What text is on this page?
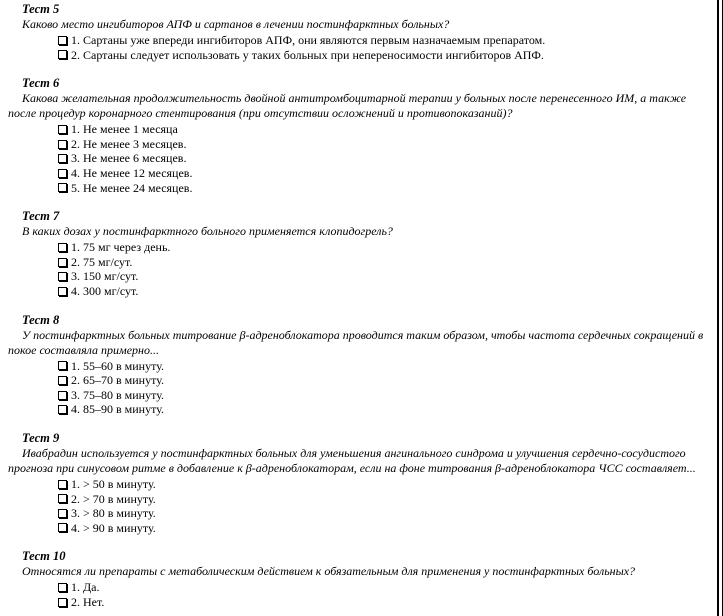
Тест 5
Каково место ингибиторов АПФ и сартанов в лечении постинфарктных больных?
1. Сартаны уже впереди ингибиторов АПФ, они являются первым назначаемым препаратом.
2. Сартаны следует использовать у таких больных при непереносимости ингибиторов АПФ.
Тест 6
Какова желательная продолжительность двойной антитромбоцитарной терапии у больных после перенесенного ИМ, а также после процедур коронарного стентирования (при отсутствии осложнений и противопоказаний)?
1. Не менее 1 месяца
2. Не менее 3 месяцев.
3. Не менее 6 месяцев.
4. Не менее 12 месяцев.
5. Не менее 24 месяцев.
Тест 7
В каких дозах у постинфарктного больного применяется клопидогрель?
1. 75 мг через день.
2. 75 мг/сут.
3. 150 мг/сут.
4. 300 мг/сут.
Тест 8
У постинфарктных больных титрование β-адреноблокатора проводится таким образом, чтобы частота сердечных сокращений в покое составляла примерно...
1. 55–60 в минуту.
2. 65–70 в минуту.
3. 75–80 в минуту.
4. 85–90 в минуту.
Тест 9
Ивабрадин используется у постинфарктных больных для уменьшения ангинального синдрома и улучшения сердечно-сосудистого прогноза при синусовом ритме в добавление к β-адреноблокаторам, если на фоне титрования β-адреноблокатора ЧСС составляет...
1. > 50 в минуту.
2. > 70 в минуту.
3. > 80 в минуту.
4. > 90 в минуту.
Тест 10
Относятся ли препараты с метаболическим действием к обязательным для применения у постинфарктных больных?
1. Да.
2. Нет.
